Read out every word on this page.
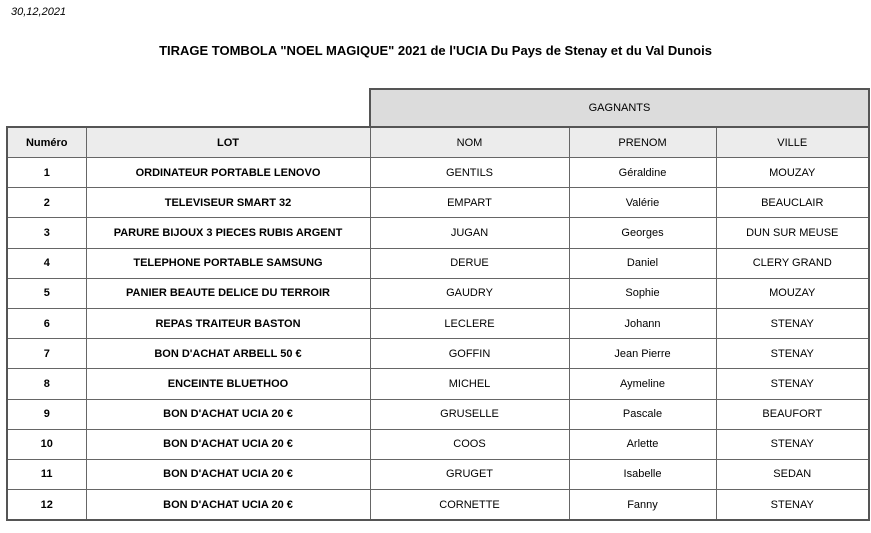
30,12,2021
TIRAGE TOMBOLA "NOEL MAGIQUE" 2021 de l'UCIA Du Pays de Stenay et du Val Dunois
		GAGNANTS		
Numéro	LOT	NOM	PRENOM	VILLE
1	ORDINATEUR PORTABLE LENOVO	GENTILS	Géraldine	MOUZAY
2	TELEVISEUR SMART 32	EMPART	Valérie	BEAUCLAIR
3	PARURE BIJOUX 3 PIECES RUBIS ARGENT	JUGAN	Georges	DUN SUR MEUSE
4	TELEPHONE PORTABLE SAMSUNG	DERUE	Daniel	CLERY GRAND
5	PANIER BEAUTE DELICE DU TERROIR	GAUDRY	Sophie	MOUZAY
6	REPAS TRAITEUR BASTON	LECLERE	Johann	STENAY
7	BON D'ACHAT ARBELL 50 €	GOFFIN	Jean Pierre	STENAY
8	ENCEINTE BLUETHOO	MICHEL	Aymeline	STENAY
9	BON D'ACHAT UCIA 20 €	GRUSELLE	Pascale	BEAUFORT
10	BON D'ACHAT UCIA 20 €	COOS	Arlette	STENAY
11	BON D'ACHAT UCIA 20 €	GRUGET	Isabelle	SEDAN
12	BON D'ACHAT UCIA 20 €	CORNETTE	Fanny	STENAY
